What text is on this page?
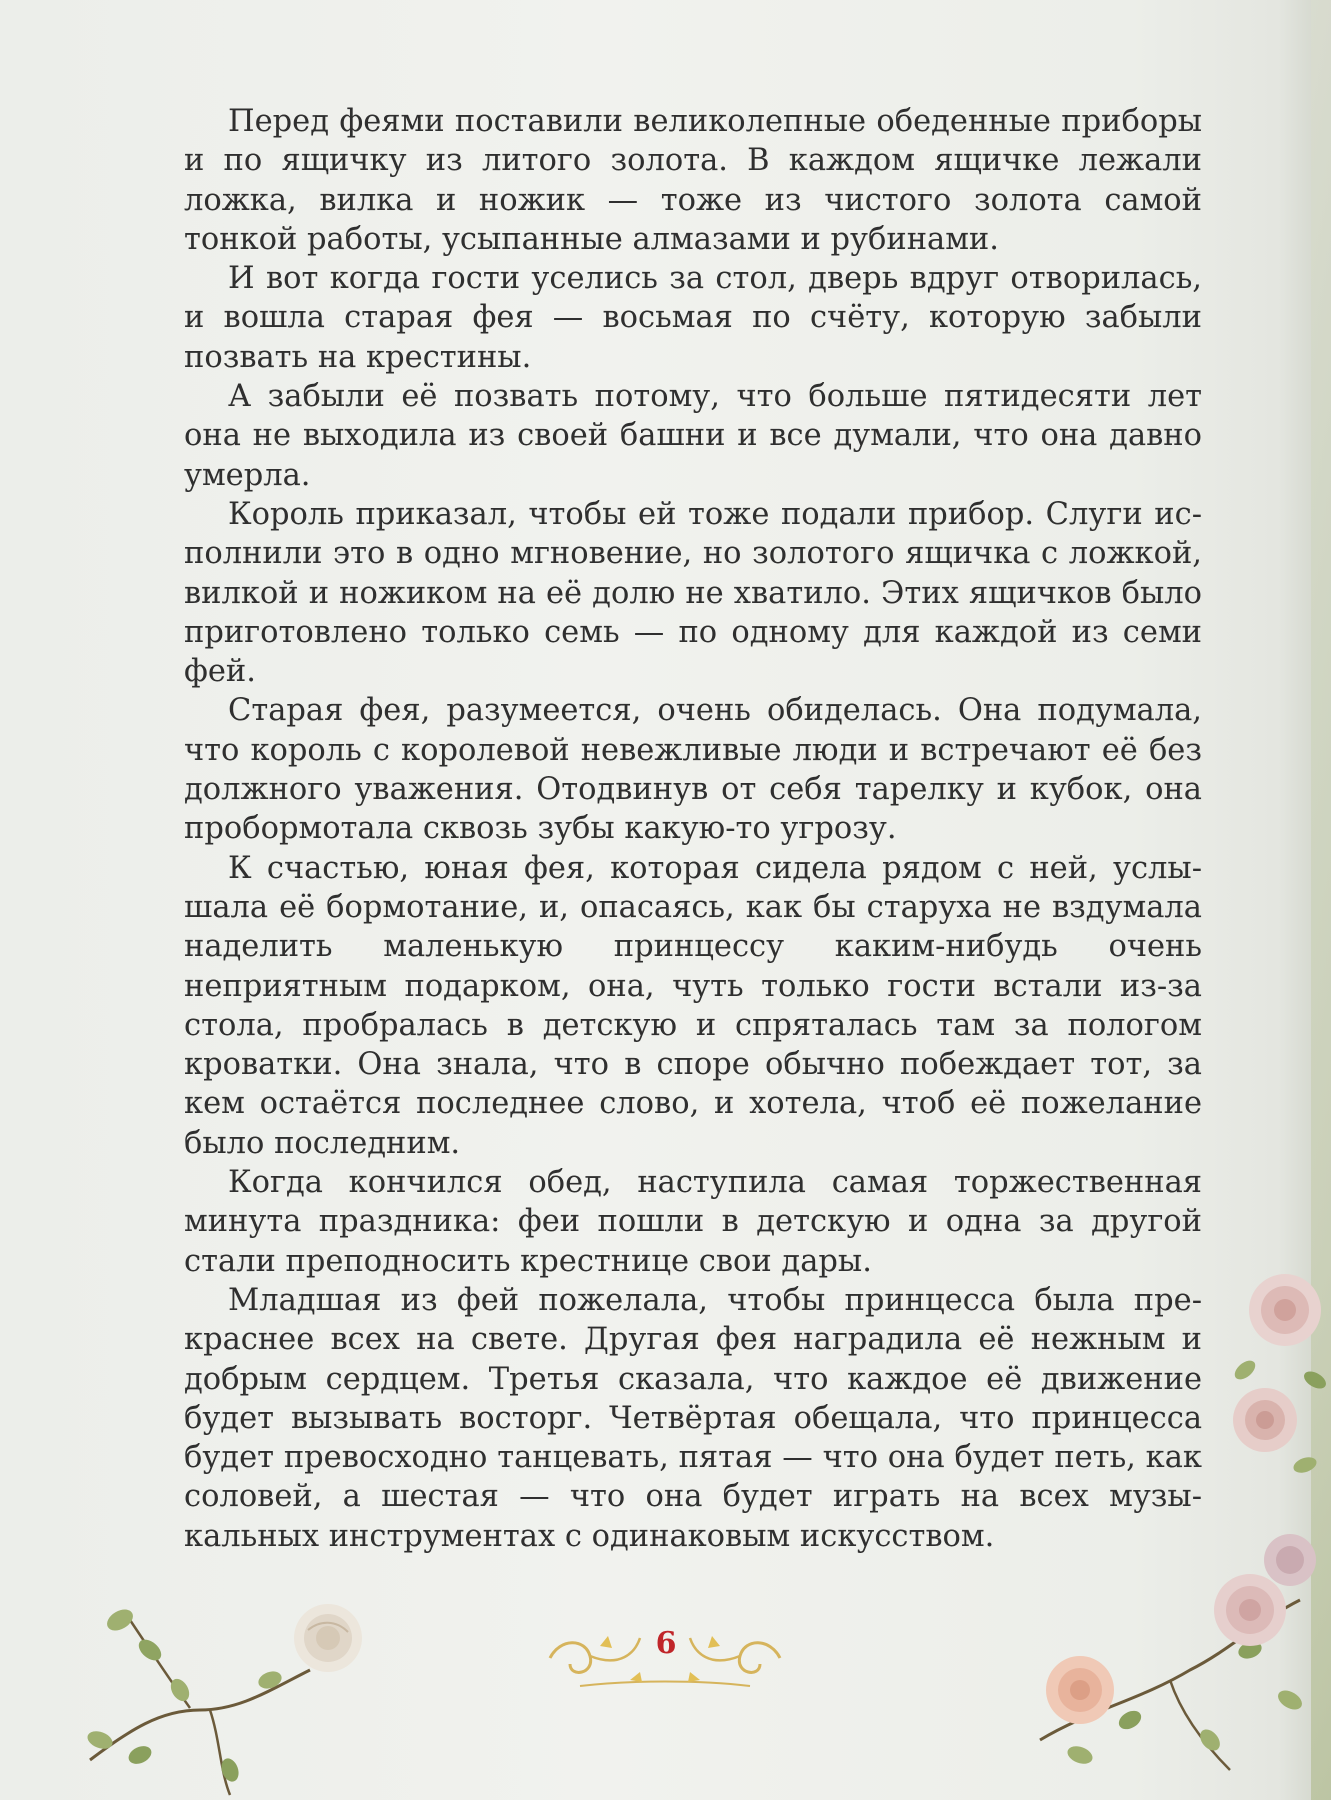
Перед феями поставили великолепные обеденные приборы и по ящичку из литого золота. В каждом ящичке лежали ложка, вилка и ножик — тоже из чистого золота самой тонкой работы, усыпанные алмазами и рубинами.

И вот когда гости уселись за стол, дверь вдруг отворилась, и вошла старая фея — восьмая по счёту, которую забыли позвать на крестины.

А забыли её позвать потому, что больше пятидесяти лет она не выходила из своей башни и все думали, что она давно умерла.

Король приказал, чтобы ей тоже подали прибор. Слуги исполнили это в одно мгновение, но золотого ящичка с ложкой, вилкой и ножиком на её долю не хватило. Этих ящичков было приготовлено только семь — по одному для каждой из семи фей.

Старая фея, разумеется, очень обиделась. Она подумала, что король с королевой невежливые люди и встречают её без должного уважения. Отодвинув от себя тарелку и кубок, она пробормотала сквозь зубы какую-то угрозу.

К счастью, юная фея, которая сидела рядом с ней, услышала её бормотание, и, опасаясь, как бы старуха не вздумала наделить маленькую принцессу каким-нибудь очень неприятным подарком, она, чуть только гости встали из-за стола, пробралась в детскую и спряталась там за пологом кроватки. Она знала, что в споре обычно побеждает тот, за кем остаётся последнее слово, и хотела, чтоб её пожелание было последним.

Когда кончился обед, наступила самая торжественная минута праздника: феи пошли в детскую и одна за другой стали преподносить крестнице свои дары.

Младшая из фей пожелала, чтобы принцесса была прекраснее всех на свете. Другая фея наградила её нежным и добрым сердцем. Третья сказала, что каждое её движение будет вызывать восторг. Четвёртая обещала, что принцесса будет превосходно танцевать, пятая — что она будет петь, как соловей, а шестая — что она будет играть на всех музыкальных инструментах с одинаковым искусством.

6
